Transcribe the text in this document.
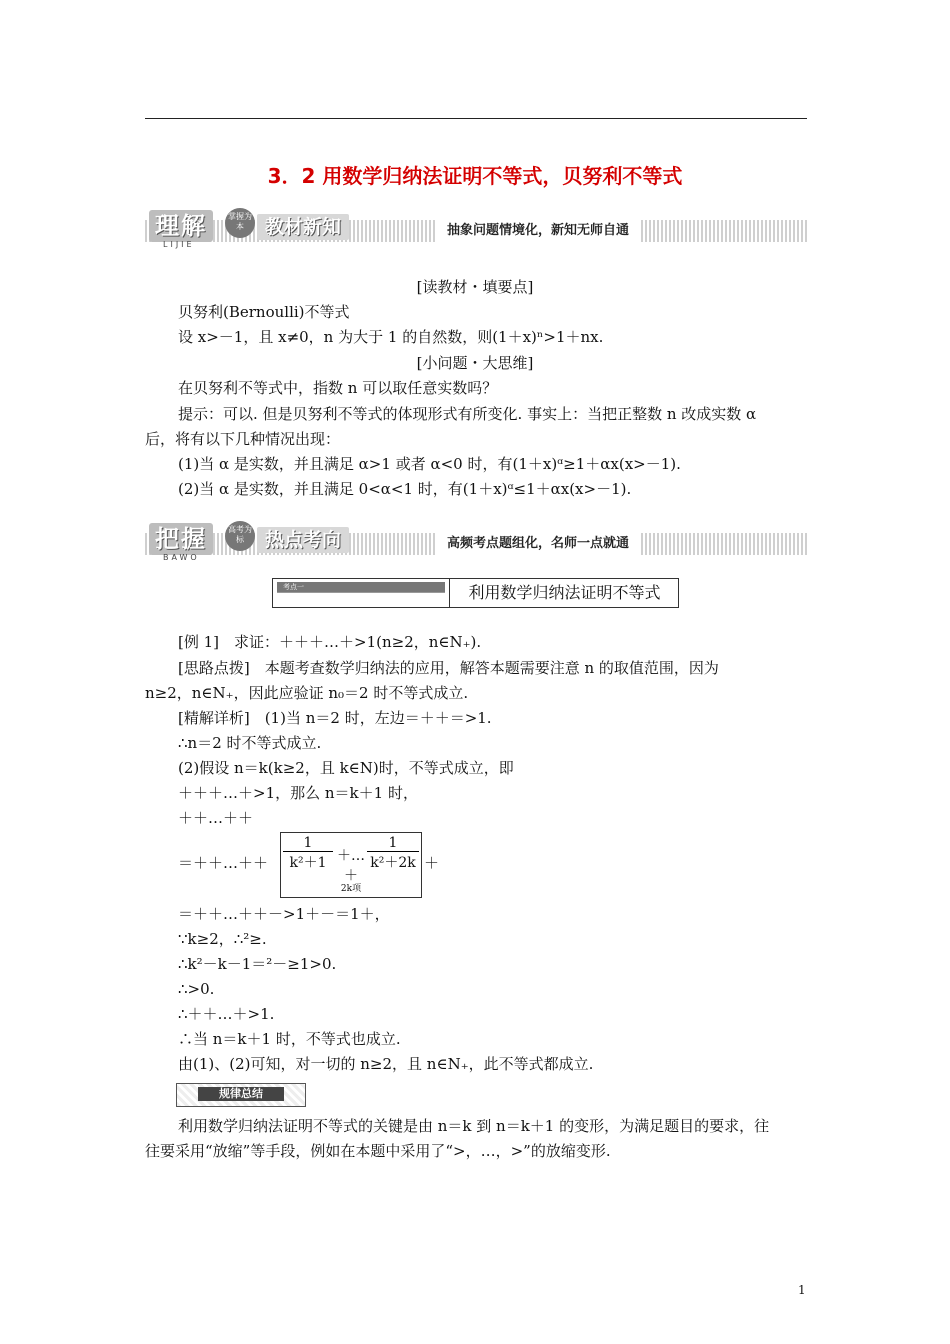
3．2 用数学归纳法证明不等式，贝努利不等式
理解	掌握为本	教材新知
LIJIE
抽象问题情境化，新知无师自通
[读教材・填要点]
贝努利(Bernoulli)不等式
设 x>－1，且 x≠0，n 为大于 1 的自然数，则(1＋x)ⁿ>1＋nx.
[小问题・大思维]
在贝努利不等式中，指数 n 可以取任意实数吗？
提示：可以. 但是贝努利不等式的体现形式有所变化. 事实上：当把正整数 n 改成实数 α
后，将有以下几种情况出现：
(1)当 α 是实数，并且满足 α>1 或者 α<0 时，有(1＋x)ᵅ≥1＋αx(x>－1).
(2)当 α 是实数，并且满足 0<α<1 时，有(1＋x)ᵅ≤1＋αx(x>－1).
把握	高考为标	热点考向
BAWO
高频考点题组化，名师一点就通
考点一	利用数学归纳法证明不等式
[例 1]　求证：＋＋＋…＋>1(n≥2，n∈N₊).
[思路点拨]　本题考查数学归纳法的应用，解答本题需要注意 n 的取值范围，因为
n≥2，n∈N₊，因此应验证 n₀＝2 时不等式成立.
[精解详析]　(1)当 n＝2 时，左边＝＋＋＝>1.
∴n＝2 时不等式成立.
(2)假设 n＝k(k≥2，且 k∈N)时，不等式成立，即
＋＋＋…＋>1，那么 n＝k＋1 时，
＋＋…＋＋
＝＋＋…＋＋ $\frac{1}{\text{k²＋1}}$ ＋…＋
$\frac{1}{\text{k²＋2k}}$
2k项
＋
＝＋＋…＋＋－>1＋－＝1＋，
∵k≥2，∴²≥.
∴k²－k－1＝²－≥1>0.
∴>0.
∴＋＋…＋>1.
∴当 n＝k＋1 时，不等式也成立.
由(1)、(2)可知，对一切的 n≥2，且 n∈N₊，此不等式都成立.
规律总结
利用数学归纳法证明不等式的关键是由 n＝k 到 n＝k＋1 的变形，为满足题目的要求，往
往要采用“放缩”等手段，例如在本题中采用了“>，…，>”的放缩变形.
1
